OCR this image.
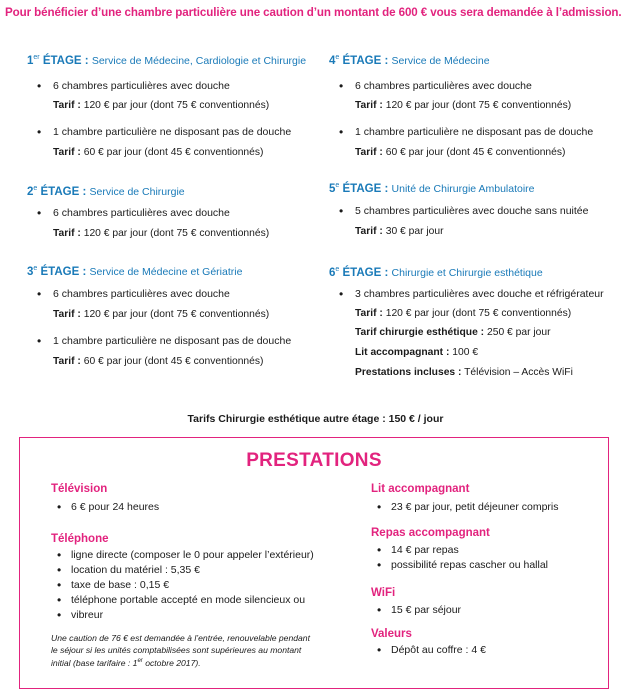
Pour bénéficier d’une chambre particulière une caution d’un montant de 600 € vous sera demandée à l’admission.
1er ÉTAGE : Service de Médecine, Cardiologie et Chirurgie
• 6 chambres particulières avec douche
Tarif : 120 € par jour (dont 75 € conventionnés)
• 1 chambre particulière ne disposant pas de douche
Tarif : 60 € par jour (dont 45 € conventionnés)
2e ÉTAGE : Service de Chirurgie
• 6 chambres particulières avec douche
Tarif : 120 € par jour (dont 75 € conventionnés)
3e ÉTAGE : Service de Médecine et Gériatrie
• 6 chambres particulières avec douche
Tarif : 120 € par jour (dont 75 € conventionnés)
• 1 chambre particulière ne disposant pas de douche
Tarif : 60 € par jour (dont 45 € conventionnés)
4e ÉTAGE : Service de Médecine
• 6 chambres particulières avec douche
Tarif : 120 € par jour (dont 75 € conventionnés)
• 1 chambre particulière ne disposant pas de douche
Tarif : 60 € par jour (dont 45 € conventionnés)
5e ÉTAGE : Unité de Chirurgie Ambulatoire
• 5 chambres particulières avec douche sans nuitée
Tarif : 30 € par jour
6e ÉTAGE : Chirurgie et Chirurgie esthétique
• 3 chambres particulières avec douche et réfrigérateur
Tarif : 120 € par jour (dont 75 € conventionnés)
Tarif chirurgie esthétique : 250 € par jour
Lit accompagnant : 100 €
Prestations incluses : Télévision – Accès WiFi
Tarifs Chirurgie esthétique autre étage : 150 € / jour
PRESTATIONS
Télévision
• 6 € pour 24 heures
Téléphone
• ligne directe (composer le 0 pour appeler l’extérieur)
• location du matériel : 5,35 €
• taxe de base : 0,15 €
• téléphone portable accepté en mode silencieux ou
• vibreur
Une caution de 76 € est demandée à l’entrée, renouvelable pendant
le séjour si les unités comptabilisées sont supérieures au montant
initial (base tarifaire : 1er octobre 2017).
Lit accompagnant
• 23 € par jour, petit déjeuner compris
Repas accompagnant
• 14 € par repas
• possibilité repas cascher ou hallal
WiFi
• 15 € par séjour
Valeurs
• Dépôt au coffre : 4 €
